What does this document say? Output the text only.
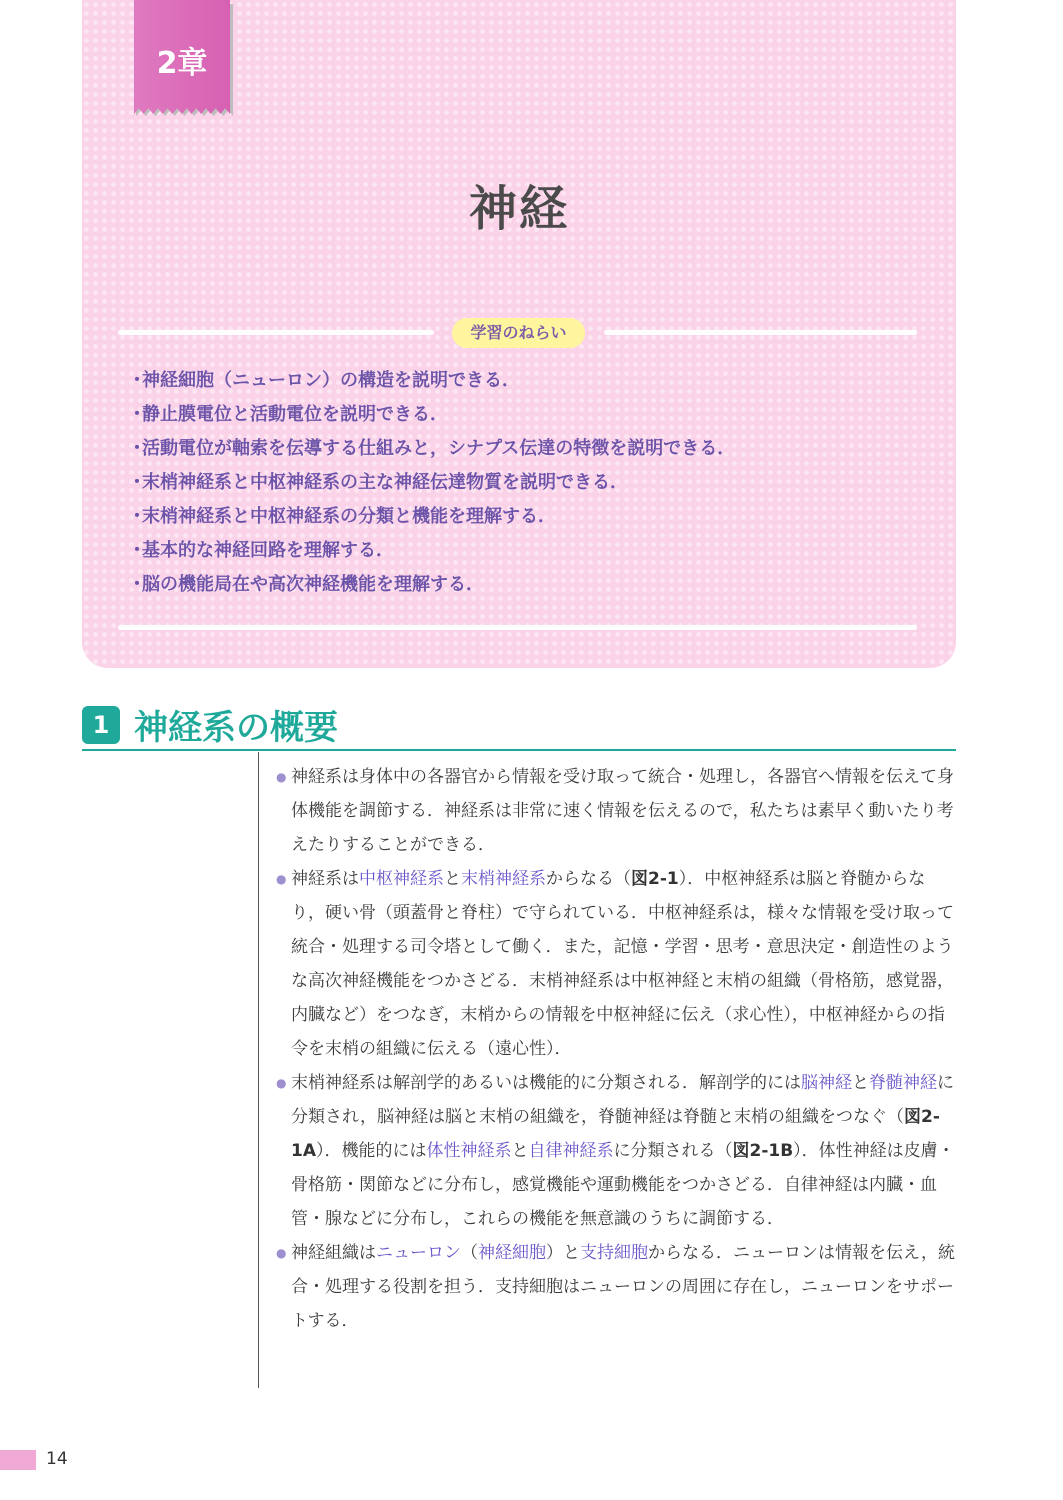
2章
神経
学習のねらい
・神経細胞（ニューロン）の構造を説明できる．
・静止膜電位と活動電位を説明できる．
・活動電位が軸索を伝導する仕組みと，シナプス伝達の特徴を説明できる．
・末梢神経系と中枢神経系の主な神経伝達物質を説明できる．
・末梢神経系と中枢神経系の分類と機能を理解する．
・基本的な神経回路を理解する．
・脳の機能局在や高次神経機能を理解する．
1 神経系の概要
● 神経系は身体中の各器官から情報を受け取って統合・処理し，各器官へ情報を伝えて身体機能を調節する．神経系は非常に速く情報を伝えるので，私たちは素早く動いたり考えたりすることができる．
● 神経系は中枢神経系と末梢神経系からなる（図2-1）．中枢神経系は脳と脊髄からなり，硬い骨（頭蓋骨と脊柱）で守られている．中枢神経系は，様々な情報を受け取って統合・処理する司令塔として働く．また，記憶・学習・思考・意思決定・創造性のような高次神経機能をつかさどる．末梢神経系は中枢神経と末梢の組織（骨格筋，感覚器，内臓など）をつなぎ，末梢からの情報を中枢神経に伝え（求心性），中枢神経からの指令を末梢の組織に伝える（遠心性）．
● 末梢神経系は解剖学的あるいは機能的に分類される．解剖学的には脳神経と脊髄神経に分類され，脳神経は脳と末梢の組織を，脊髄神経は脊髄と末梢の組織をつなぐ（図2-1A）．機能的には体性神経系と自律神経系に分類される（図2-1B）．体性神経は皮膚・骨格筋・関節などに分布し，感覚機能や運動機能をつかさどる．自律神経は内臓・血管・腺などに分布し，これらの機能を無意識のうちに調節する．
● 神経組織はニューロン（神経細胞）と支持細胞からなる．ニューロンは情報を伝え，統合・処理する役割を担う．支持細胞はニューロンの周囲に存在し，ニューロンをサポートする．
14
